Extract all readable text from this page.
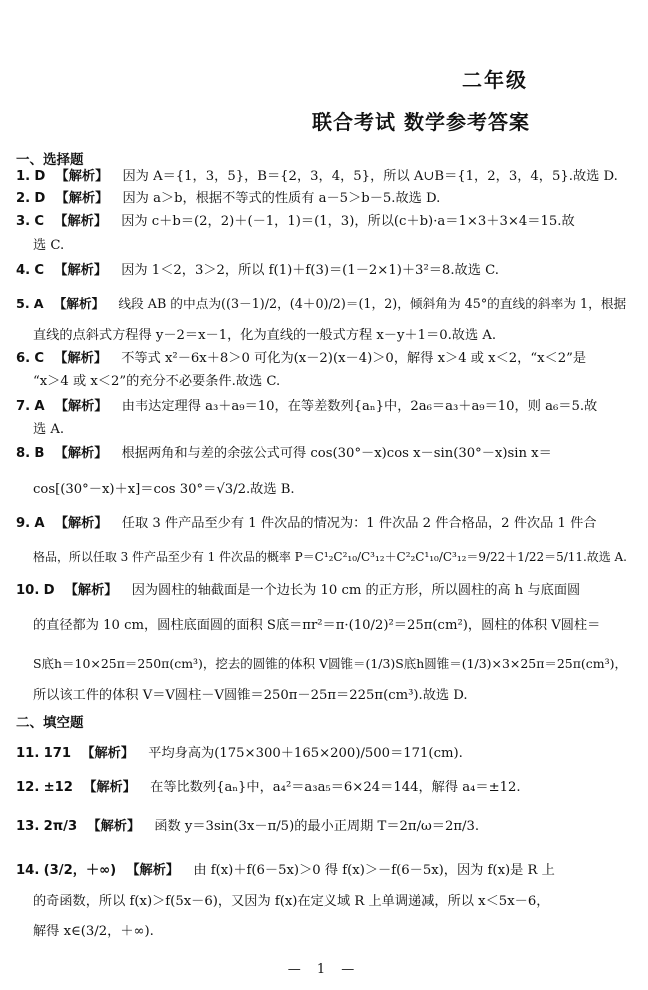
二年级
联合考试 数学参考答案
一、选择题
1. D 【解析】 因为 A＝{1，3，5}，B＝{2，3，4，5}，所以 A∪B＝{1，2，3，4，5}.故选 D.
2. D 【解析】 因为 a＞b，根据不等式的性质有 a－5＞b－5.故选 D.
3. C 【解析】 因为 c＋b＝(2，2)＋(－1，1)＝(1，3)，所以(c＋b)·a＝1×3＋3×4＝15.故
选 C.
4. C 【解析】 因为 1＜2，3＞2，所以 f(1)＋f(3)＝(1－2×1)＋3²＝8.故选 C.
5. A 【解析】 线段 AB 的中点为((3－1)/2，(4＋0)/2)＝(1，2)，倾斜角为 45°的直线的斜率为 1，根据
直线的点斜式方程得 y－2＝x－1，化为直线的一般式方程 x－y＋1＝0.故选 A.
6. C 【解析】 不等式 x²－6x＋8＞0 可化为(x－2)(x－4)＞0，解得 x＞4 或 x＜2，“x＜2”是
“x＞4 或 x＜2”的充分不必要条件.故选 C.
7. A 【解析】 由韦达定理得 a₃＋a₉＝10，在等差数列{aₙ}中，2a₆＝a₃＋a₉＝10，则 a₆＝5.故
选 A.
8. B 【解析】 根据两角和与差的余弦公式可得 cos(30°－x)cos x－sin(30°－x)sin x＝
cos[(30°－x)＋x]＝cos 30°＝√3/2.故选 B.
9. A 【解析】 任取 3 件产品至少有 1 件次品的情况为：1 件次品 2 件合格品，2 件次品 1 件合
格品，所以任取 3 件产品至少有 1 件次品的概率 P＝C¹₂C²₁₀/C³₁₂＋C²₂C¹₁₀/C³₁₂＝9/22＋1/22＝5/11.故选 A.
10. D 【解析】 因为圆柱的轴截面是一个边长为 10 cm 的正方形，所以圆柱的高 h 与底面圆
的直径都为 10 cm，圆柱底面圆的面积 S底＝πr²＝π·(10/2)²＝25π(cm²)，圆柱的体积 V圆柱＝
S底h＝10×25π＝250π(cm³)，挖去的圆锥的体积 V圆锥＝(1/3)S底h圆锥＝(1/3)×3×25π＝25π(cm³)，
所以该工件的体积 V＝V圆柱－V圆锥＝250π－25π＝225π(cm³).故选 D.
二、填空题
11. 171 【解析】 平均身高为(175×300＋165×200)/500＝171(cm).
12. ±12 【解析】 在等比数列{aₙ}中，a₄²＝a₃a₅＝6×24＝144，解得 a₄＝±12.
13. 2π/3 【解析】 函数 y＝3sin(3x－π/5)的最小正周期 T＝2π/ω＝2π/3.
14. (3/2，＋∞) 【解析】 由 f(x)＋f(6－5x)＞0 得 f(x)＞－f(6－5x)，因为 f(x)是 R 上
的奇函数，所以 f(x)＞f(5x－6)，又因为 f(x)在定义域 R 上单调递减，所以 x＜5x－6，
解得 x∈(3/2，＋∞).
— 1 —
